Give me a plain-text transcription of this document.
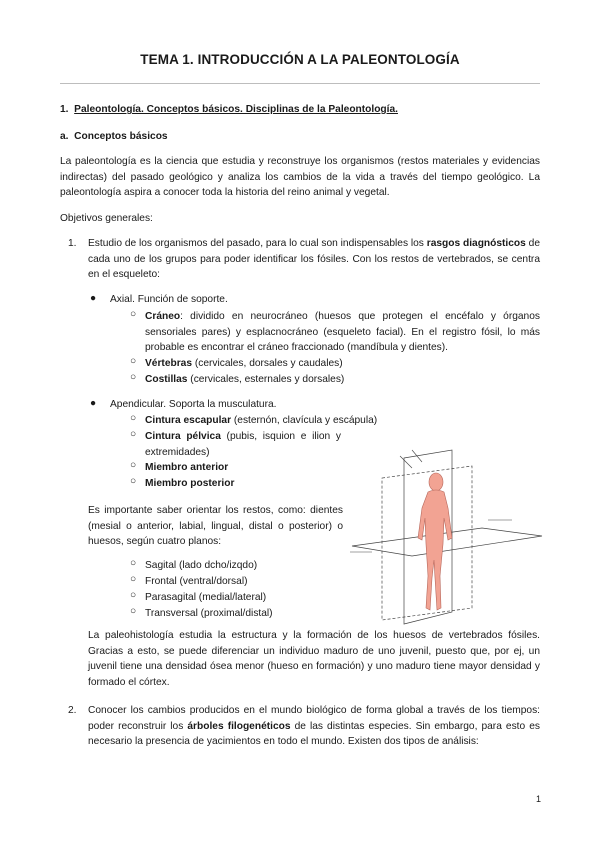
TEMA 1. INTRODUCCIÓN A LA PALEONTOLOGÍA
1. Paleontología. Conceptos básicos. Disciplinas de la Paleontología.
a. Conceptos básicos
La paleontología es la ciencia que estudia y reconstruye los organismos (restos materiales y evidencias indirectas) del pasado geológico y analiza los cambios de la vida a través del tiempo geológico. La paleontología aspira a conocer toda la historia del reino animal y vegetal.
Objetivos generales:
1. Estudio de los organismos del pasado, para lo cual son indispensables los rasgos diagnósticos de cada uno de los grupos para poder identificar los fósiles. Con los restos de vertebrados, se centra en el esqueleto:
● Axial. Función de soporte.
○ Cráneo: dividido en neurocráneo (huesos que protegen el encéfalo y órganos sensoriales pares) y esplacnocráneo (esqueleto facial). En el registro fósil, lo más probable es encontrar el cráneo fraccionado (mandíbula y dientes).
○ Vértebras (cervicales, dorsales y caudales)
○ Costillas (cervicales, esternales y dorsales)
● Apendicular. Soporta la musculatura.
○ Cintura escapular (esternón, clavícula y escápula)
○ Cintura pélvica (pubis, isquion e ilion y extremidades)
○ Miembro anterior
○ Miembro posterior
Es importante saber orientar los restos, como: dientes (mesial o anterior, labial, lingual, distal o posterior) o huesos, según cuatro planos:
○ Sagital (lado dcho/izqdo)
○ Frontal (ventral/dorsal)
○ Parasagital (medial/lateral)
○ Transversal (proximal/distal)
La paleohistología estudia la estructura y la formación de los huesos de vertebrados fósiles. Gracias a esto, se puede diferenciar un individuo maduro de uno juvenil, puesto que, por ej, un juvenil tiene una densidad ósea menor (hueso en formación) y uno maduro tiene mayor densidad y formado el córtex.
2. Conocer los cambios producidos en el mundo biológico de forma global a través de los tiempos: poder reconstruir los árboles filogenéticos de las distintas especies. Sin embargo, para esto es necesario la presencia de yacimientos en todo el mundo. Existen dos tipos de análisis:
1
